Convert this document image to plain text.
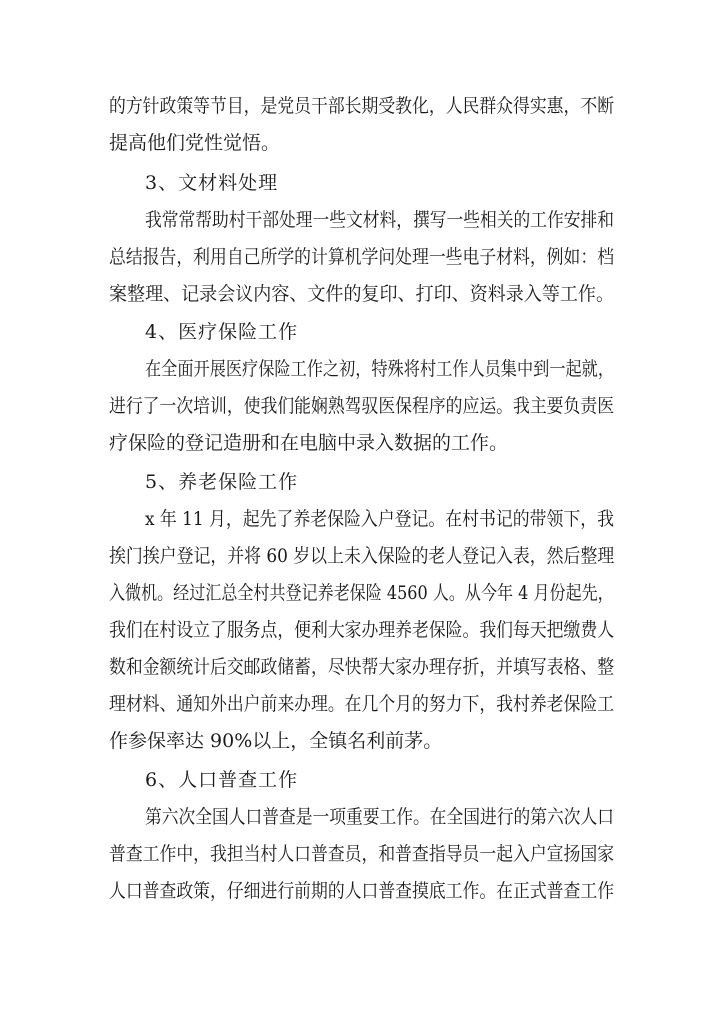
的方针政策等节目，是党员干部长期受教化，人民群众得实惠，不断
提高他们党性觉悟。
3、文材料处理
我常常帮助村干部处理一些文材料，撰写一些相关的工作安排和
总结报告，利用自己所学的计算机学问处理一些电子材料，例如：档
案整理、记录会议内容、文件的复印、打印、资料录入等工作。
4、医疗保险工作
在全面开展医疗保险工作之初，特殊将村工作人员集中到一起就，
进行了一次培训，使我们能娴熟驾驭医保程序的应运。我主要负责医
疗保险的登记造册和在电脑中录入数据的工作。
5、养老保险工作
x 年 11 月，起先了养老保险入户登记。在村书记的带领下，我
挨门挨户登记，并将 60 岁以上未入保险的老人登记入表，然后整理
入微机。经过汇总全村共登记养老保险 4560 人。从今年 4 月份起先，
我们在村设立了服务点，便利大家办理养老保险。我们每天把缴费人
数和金额统计后交邮政储蓄，尽快帮大家办理存折，并填写表格、整
理材料、通知外出户前来办理。在几个月的努力下，我村养老保险工
作参保率达 90%以上，全镇名利前茅。
6、人口普查工作
第六次全国人口普查是一项重要工作。在全国进行的第六次人口
普查工作中，我担当村人口普查员，和普查指导员一起入户宣扬国家
人口普查政策，仔细进行前期的人口普查摸底工作。在正式普查工作
